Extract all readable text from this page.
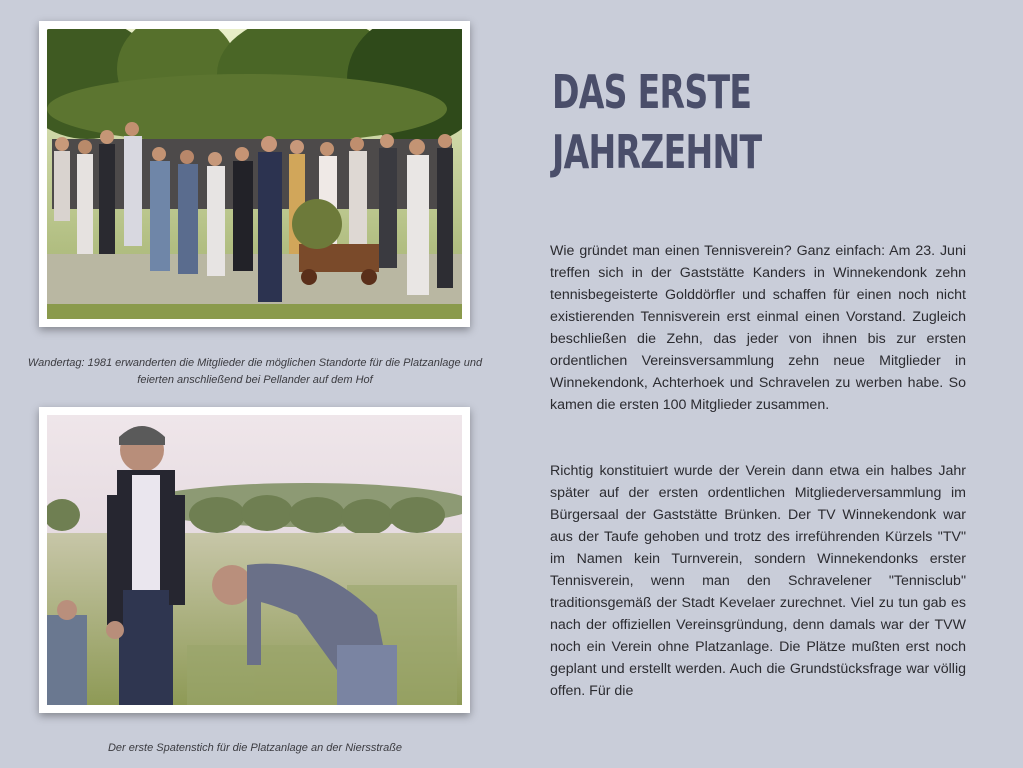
Wandertag: 1981 erwanderten die Mitglieder die möglichen Standorte für die Platzanlage und feierten anschließend bei Pellander auf dem Hof
Der erste Spatenstich für die Platzanlage an der Niersstraße
DAS ERSTE JAHRZEHNT

Wie gründet man einen Tennisverein? Ganz einfach: Am 23. Juni treffen sich in der Gaststätte Kanders in Winnekendonk zehn tennisbegeisterte Golddörfler und schaffen für einen noch nicht existierenden Tennisverein erst einmal einen Vorstand. Zugleich beschließen die Zehn, das jeder von ihnen bis zur ersten ordentlichen Vereinsversammlung zehn neue Mitglieder in Winnekendonk, Achterhoek und Schravelen zu werben habe. So kamen die ersten 100 Mitglieder zusammen.

Richtig konstituiert wurde der Verein dann etwa ein halbes Jahr später auf der ersten ordentlichen Mitgliederversammlung im Bürgersaal der Gaststätte Brünken. Der TV Winnekendonk war aus der Taufe gehoben und trotz des irreführenden Kürzels "TV" im Namen kein Turnverein, sondern Winnekendonks erster Tennisverein, wenn man den Schravelener "Tennisclub" traditionsgemäß der Stadt Kevelaer zurechnet. Viel zu tun gab es nach der offiziellen Vereinsgründung, denn damals war der TVW noch ein Verein ohne Platzanlage. Die Plätze mußten erst noch geplant und erstellt werden. Auch die Grundstücksfrage war völlig offen. Für die
